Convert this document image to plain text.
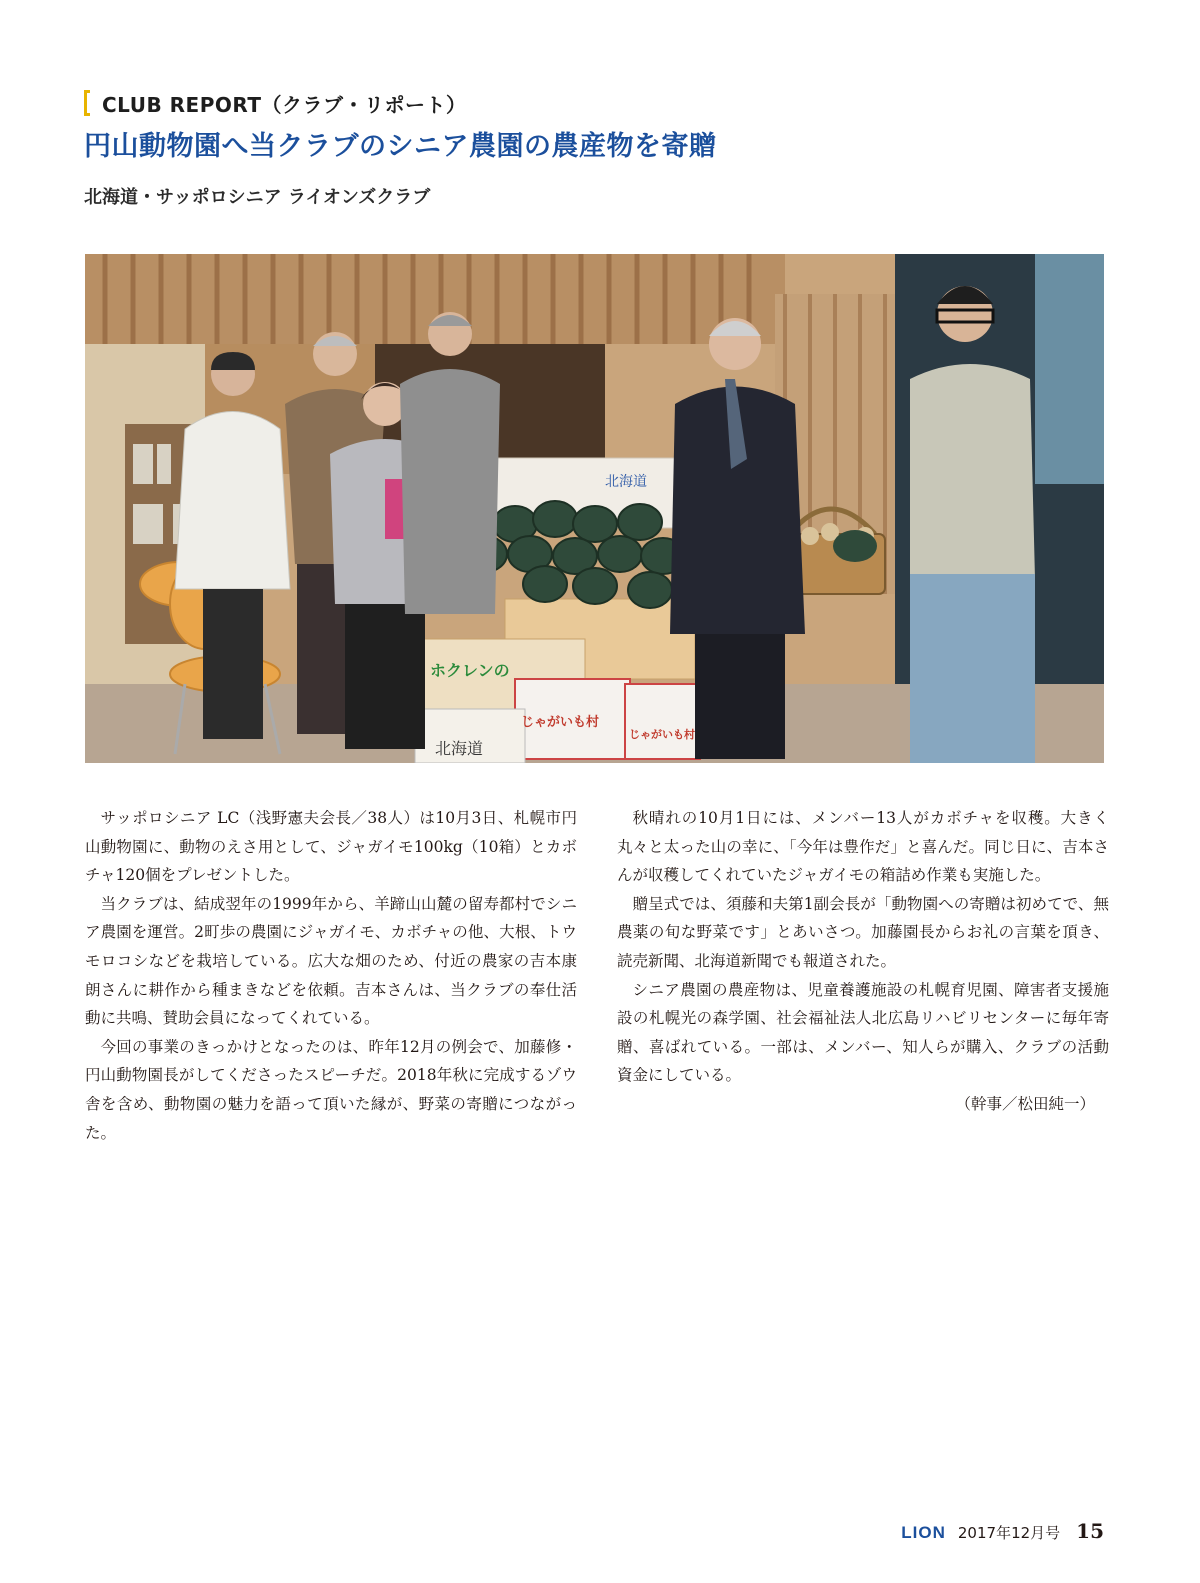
CLUB REPORT（クラブ・リポート）
円山動物園へ当クラブのシニア農園の農産物を寄贈
北海道・サッポロシニア ライオンズクラブ
北海道
ホクレンの
じゃがいも村
じゃがいも村
北海道

サッポロシニア LC（浅野憲夫会長／38人）は10月3日、札幌市円山動物園に、動物のえさ用として、ジャガイモ100kg（10箱）とカボチャ120個をプレゼントした。

当クラブは、結成翌年の1999年から、羊蹄山山麓の留寿都村でシニア農園を運営。2町歩の農園にジャガイモ、カボチャの他、大根、トウモロコシなどを栽培している。広大な畑のため、付近の農家の吉本康朗さんに耕作から種まきなどを依頼。吉本さんは、当クラブの奉仕活動に共鳴、賛助会員になってくれている。

今回の事業のきっかけとなったのは、昨年12月の例会で、加藤修・円山動物園長がしてくださったスピーチだ。2018年秋に完成するゾウ舎を含め、動物園の魅力を語って頂いた縁が、野菜の寄贈につながった。

秋晴れの10月1日には、メンバー13人がカボチャを収穫。大きく丸々と太った山の幸に、「今年は豊作だ」と喜んだ。同じ日に、吉本さんが収穫してくれていたジャガイモの箱詰め作業も実施した。

贈呈式では、須藤和夫第1副会長が「動物園への寄贈は初めてで、無農薬の旬な野菜です」とあいさつ。加藤園長からお礼の言葉を頂き、読売新聞、北海道新聞でも報道された。

シニア農園の農産物は、児童養護施設の札幌育児園、障害者支援施設の札幌光の森学園、社会福祉法人北広島リハビリセンターに毎年寄贈、喜ばれている。一部は、メンバー、知人らが購入、クラブの活動資金にしている。

（幹事／松田純一）

LION 2017年12月号 15
